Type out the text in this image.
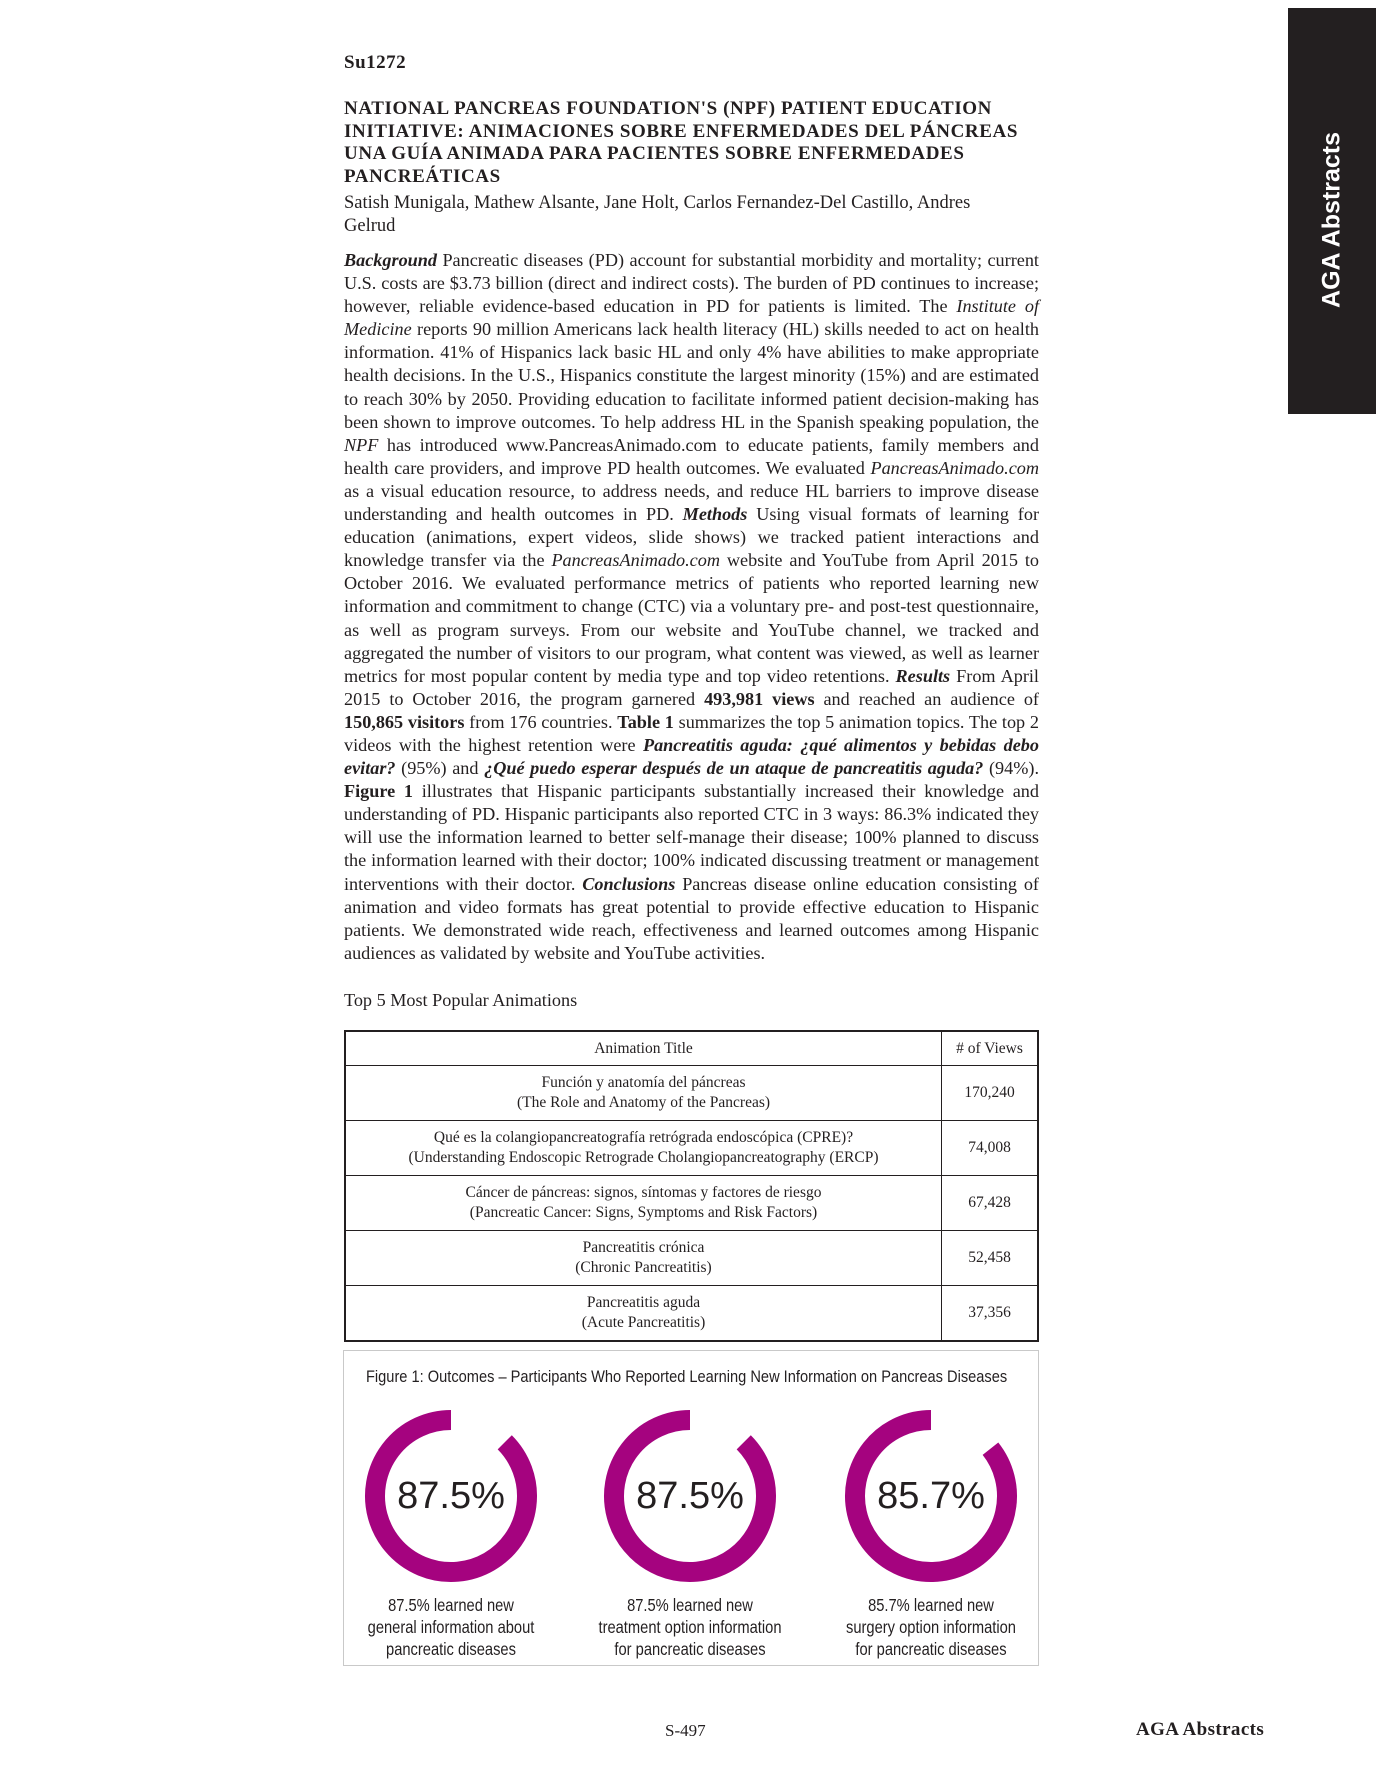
AGA Abstracts
Su1272
NATIONAL PANCREAS FOUNDATION'S (NPF) PATIENT EDUCATION INITIATIVE: ANIMACIONES SOBRE ENFERMEDADES DEL PÁNCREAS UNA GUÍA ANIMADA PARA PACIENTES SOBRE ENFERMEDADES PANCREÁTICAS
Satish Munigala, Mathew Alsante, Jane Holt, Carlos Fernandez-Del Castillo, Andres Gelrud
Background Pancreatic diseases (PD) account for substantial morbidity and mortality; current U.S. costs are $3.73 billion (direct and indirect costs). The burden of PD continues to increase; however, reliable evidence-based education in PD for patients is limited. The Institute of Medicine reports 90 million Americans lack health literacy (HL) skills needed to act on health information. 41% of Hispanics lack basic HL and only 4% have abilities to make appropriate health decisions. In the U.S., Hispanics constitute the largest minority (15%) and are estimated to reach 30% by 2050. Providing education to facilitate informed patient decision-making has been shown to improve outcomes. To help address HL in the Spanish speaking population, the NPF has introduced www.PancreasAnimado.com to educate patients, family members and health care providers, and improve PD health outcomes. We evaluated PancreasAnimado.com as a visual education resource, to address needs, and reduce HL barriers to improve disease understanding and health outcomes in PD. Methods Using visual formats of learning for education (animations, expert videos, slide shows) we tracked patient interactions and knowledge transfer via the PancreasAnimado.com website and YouTube from April 2015 to October 2016. We evaluated performance metrics of patients who reported learning new information and commitment to change (CTC) via a voluntary pre- and post-test questionnaire, as well as program surveys. From our website and YouTube channel, we tracked and aggregated the number of visitors to our program, what content was viewed, as well as learner metrics for most popular content by media type and top video retentions. Results From April 2015 to October 2016, the program garnered 493,981 views and reached an audience of 150,865 visitors from 176 countries. Table 1 summarizes the top 5 animation topics. The top 2 videos with the highest retention were Pancreatitis aguda: ¿qué alimentos y bebidas debo evitar? (95%) and ¿Qué puedo esperar después de un ataque de pancreatitis aguda? (94%). Figure 1 illustrates that Hispanic participants substantially increased their knowledge and understanding of PD. Hispanic participants also reported CTC in 3 ways: 86.3% indicated they will use the information learned to better self-manage their disease; 100% planned to discuss the information learned with their doctor; 100% indicated discussing treatment or management interventions with their doctor. Conclusions Pancreas disease online education consisting of animation and video formats has great potential to provide effective education to Hispanic patients. We demonstrated wide reach, effectiveness and learned outcomes among Hispanic audiences as validated by website and YouTube activities.
Top 5 Most Popular Animations
Animation Title	# of Views
Función y anatomía del páncreas
(The Role and Anatomy of the Pancreas)	170,240
Qué es la colangiopancreatografía retrógrada endoscópica (CPRE)?
(Understanding Endoscopic Retrograde Cholangiopancreatography (ERCP)	74,008
Cáncer de páncreas: signos, síntomas y factores de riesgo
(Pancreatic Cancer: Signs, Symptoms and Risk Factors)	67,428
Pancreatitis crónica
(Chronic Pancreatitis)	52,458
Pancreatitis aguda
(Acute Pancreatitis)	37,356
Figure 1: Outcomes – Participants Who Reported Learning New Information on Pancreas Diseases
87.5%
87.5% learned new
general information about
pancreatic diseases
87.5%
87.5% learned new
treatment option information
for pancreatic diseases
85.7%
85.7% learned new
surgery option information
for pancreatic diseases
S-497	AGA Abstracts
